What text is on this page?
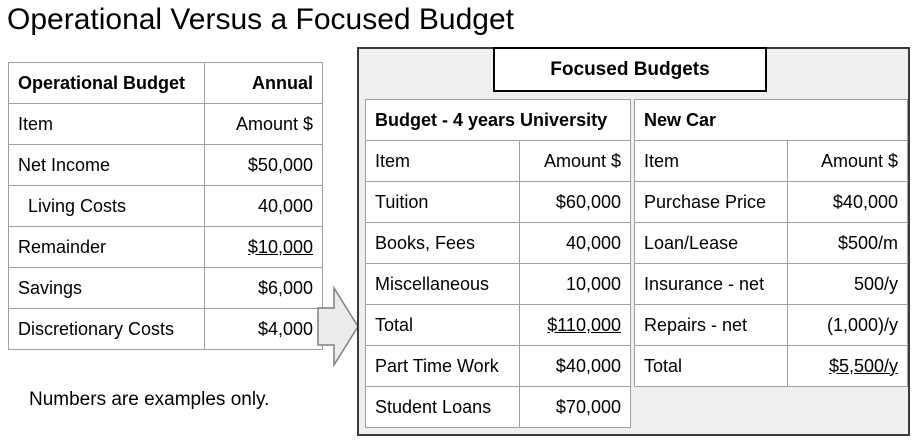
Operational Versus a Focused Budget
Operational Budget	Annual
Item	Amount $
Net Income	$50,000
Living Costs	40,000
Remainder	$10,000
Savings	$6,000
Discretionary Costs	$4,000
Focused Budgets
Budget - 4 years University	
Item	Amount $
Tuition	$60,000
Books, Fees	40,000
Miscellaneous	10,000
Total	$110,000
Part Time Work	$40,000
Student Loans	$70,000
New Car	
Item	Amount $
Purchase Price	$40,000
Loan/Lease	$500/m
Insurance - net	500/y
Repairs - net	(1,000)/y
Total	$5,500/y
Numbers are examples only.
